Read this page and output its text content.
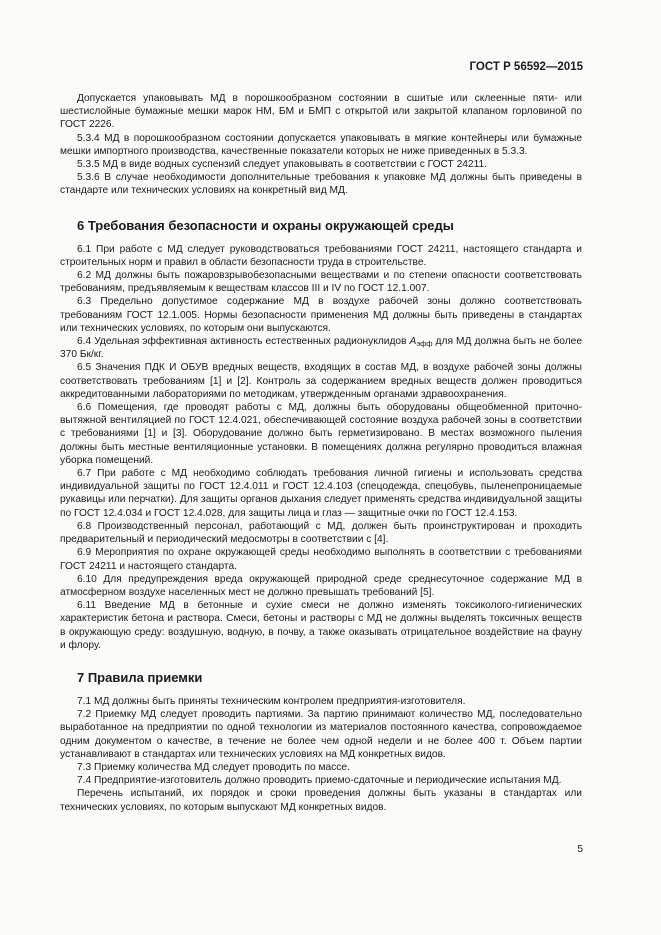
ГОСТ Р 56592—2015

Допускается упаковывать МД в порошкообразном состоянии в сшитые или склеенные пяти- или шестислойные бумажные мешки марок НМ, БМ и БМП с открытой или закрытой клапаном горловиной по ГОСТ 2226.

5.3.4 МД в порошкообразном состоянии допускается упаковывать в мягкие контейнеры или бумажные мешки импортного производства, качественные показатели которых не ниже приведенных в 5.3.3.

5.3.5 МД в виде водных суспензий следует упаковывать в соответствии с ГОСТ 24211.

5.3.6 В случае необходимости дополнительные требования к упаковке МД должны быть приведены в стандарте или технических условиях на конкретный вид МД.

6 Требования безопасности и охраны окружающей среды

6.1 При работе с МД следует руководствоваться требованиями ГОСТ 24211, настоящего стандарта и строительных норм и правил в области безопасности труда в строительстве.

6.2 МД должны быть пожаровзрывобезопасными веществами и по степени опасности соответствовать требованиям, предъявляемым к веществам классов III и IV по ГОСТ 12.1.007.

6.3 Предельно допустимое содержание МД в воздухе рабочей зоны должно соответствовать требованиям ГОСТ 12.1.005. Нормы безопасности применения МД должны быть приведены в стандартах или технических условиях, по которым они выпускаются.

6.4 Удельная эффективная активность естественных радионуклидов $А_{эфф}$ для МД должна быть не более 370 Бк/кг.

6.5 Значения ПДК И ОБУВ вредных веществ, входящих в состав МД, в воздухе рабочей зоны должны соответствовать требованиям [1] и [2]. Контроль за содержанием вредных веществ должен проводиться аккредитованными лабораториями по методикам, утвержденным органами здравоохранения.

6.6 Помещения, где проводят работы с МД, должны быть оборудованы общеобменной приточно-вытяжной вентиляцией по ГОСТ 12.4.021, обеспечивающей состояние воздуха рабочей зоны в соответствии с требованиями [1] и [3]. Оборудование должно быть герметизировано. В местах возможного пыления должны быть местные вентиляционные установки. В помещениях должна регулярно проводиться влажная уборка помещений.

6.7 При работе с МД необходимо соблюдать требования личной гигиены и использовать средства индивидуальной защиты по ГОСТ 12.4.011 и ГОСТ 12.4.103 (спецодежда, спецобувь, пыленепроницаемые рукавицы или перчатки). Для защиты органов дыхания следует применять средства индивидуальной защиты по ГОСТ 12.4.034 и ГОСТ 12.4.028, для защиты лица и глаз — защитные очки по ГОСТ 12.4.153.

6.8 Производственный персонал, работающий с МД, должен быть проинструктирован и проходить предварительный и периодический медосмотры в соответствии с [4].

6.9 Мероприятия по охране окружающей среды необходимо выполнять в соответствии с требованиями ГОСТ 24211 и настоящего стандарта.

6.10 Для предупреждения вреда окружающей природной среде среднесуточное содержание МД в атмосферном воздухе населенных мест не должно превышать требований [5].

6.11 Введение МД в бетонные и сухие смеси не должно изменять токсиколого-гигиенических характеристик бетона и раствора. Смеси, бетоны и растворы с МД не должны выделять токсичных веществ в окружающую среду: воздушную, водную, в почву, а также оказывать отрицательное воздействие на фауну и флору.

7 Правила приемки

7.1 МД должны быть приняты техническим контролем предприятия-изготовителя.

7.2 Приемку МД следует проводить партиями. За партию принимают количество МД, последовательно выработанное на предприятии по одной технологии из материалов постоянного качества, сопровождаемое одним документом о качестве, в течение не более чем одной недели и не более 400 т. Объем партии устанавливают в стандартах или технических условиях на МД конкретных видов.

7.3 Приемку количества МД следует проводить по массе.

7.4 Предприятие-изготовитель должно проводить приемо-сдаточные и периодические испытания МД.

Перечень испытаний, их порядок и сроки проведения должны быть указаны в стандартах или технических условиях, по которым выпускают МД конкретных видов.

5
